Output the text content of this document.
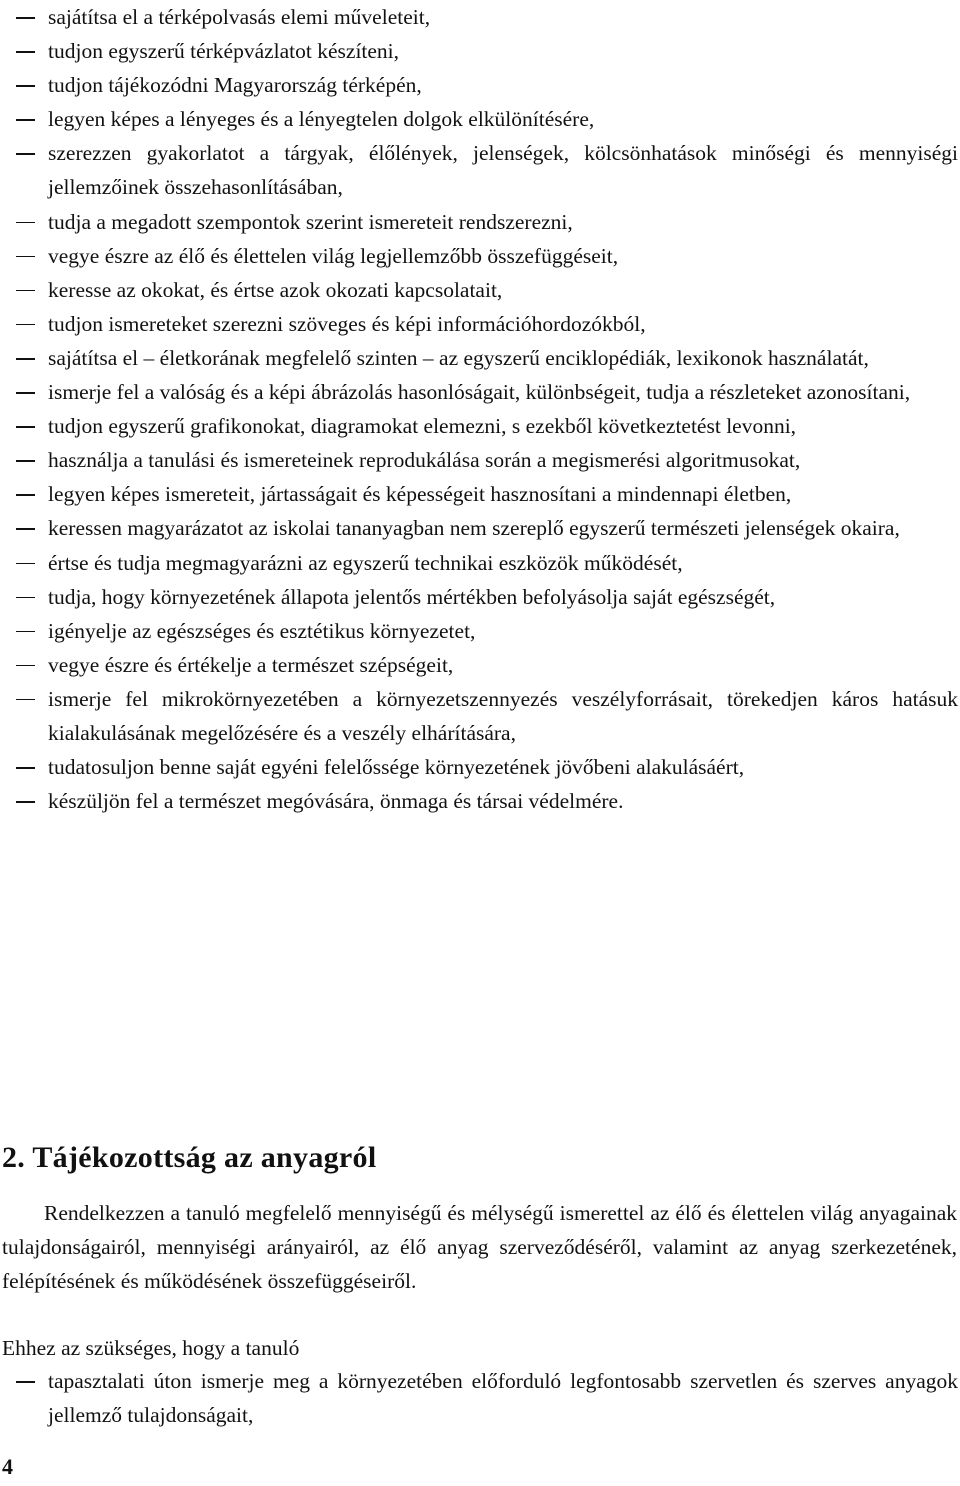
sajátítsa el a térképolvasás elemi műveleteit,
tudjon egyszerű térképvázlatot készíteni,
tudjon tájékozódni Magyarország térképén,
legyen képes a lényeges és a lényegtelen dolgok elkülönítésére,
szerezzen gyakorlatot a tárgyak, élőlények, jelenségek, kölcsönhatások minőségi és mennyiségi jellemzőinek összehasonlításában,
tudja a megadott szempontok szerint ismereteit rendszerezni,
vegye észre az élő és élettelen világ legjellemzőbb összefüggéseit,
keresse az okokat, és értse azok okozati kapcsolatait,
tudjon ismereteket szerezni szöveges és képi információhordozókból,
sajátítsa el – életkorának megfelelő szinten – az egyszerű enciklopédiák, lexikonok használatát,
ismerje fel a valóság és a képi ábrázolás hasonlóságait, különbségeit, tudja a részleteket azonosítani,
tudjon egyszerű grafikonokat, diagramokat elemezni, s ezekből következtetést levonni,
használja a tanulási és ismereteinek reprodukálása során a megismerési algoritmusokat,
legyen képes ismereteit, jártasságait és képességeit hasznosítani a mindennapi életben,
keressen magyarázatot az iskolai tananyagban nem szereplő egyszerű természeti jelenségek okaira,
értse és tudja megmagyarázni az egyszerű technikai eszközök működését,
tudja, hogy környezetének állapota jelentős mértékben befolyásolja saját egészségét,
igényelje az egészséges és esztétikus környezetet,
vegye észre és értékelje a természet szépségeit,
ismerje fel mikrokörnyezetében a környezetszennyezés veszélyforrásait, törekedjen káros hatásuk kialakulásának megelőzésére és a veszély elhárítására,
tudatosuljon benne saját egyéni felelőssége környezetének jövőbeni alakulásáért,
készüljön fel a természet megóvására, önmaga és társai védelmére.
2. Tájékozottság az anyagról

Rendelkezzen a tanuló megfelelő mennyiségű és mélységű ismerettel az élő és élettelen világ anyagainak tulajdonságairól, mennyiségi arányairól, az élő anyag szerveződéséről, valamint az anyag szerkezetének, felépítésének és működésének összefüggéseiről.

Ehhez az szükséges, hogy a tanuló

tapasztalati úton ismerje meg a környezetében előforduló legfontosabb szervetlen és szerves anyagok jellemző tulajdonságait,
4
